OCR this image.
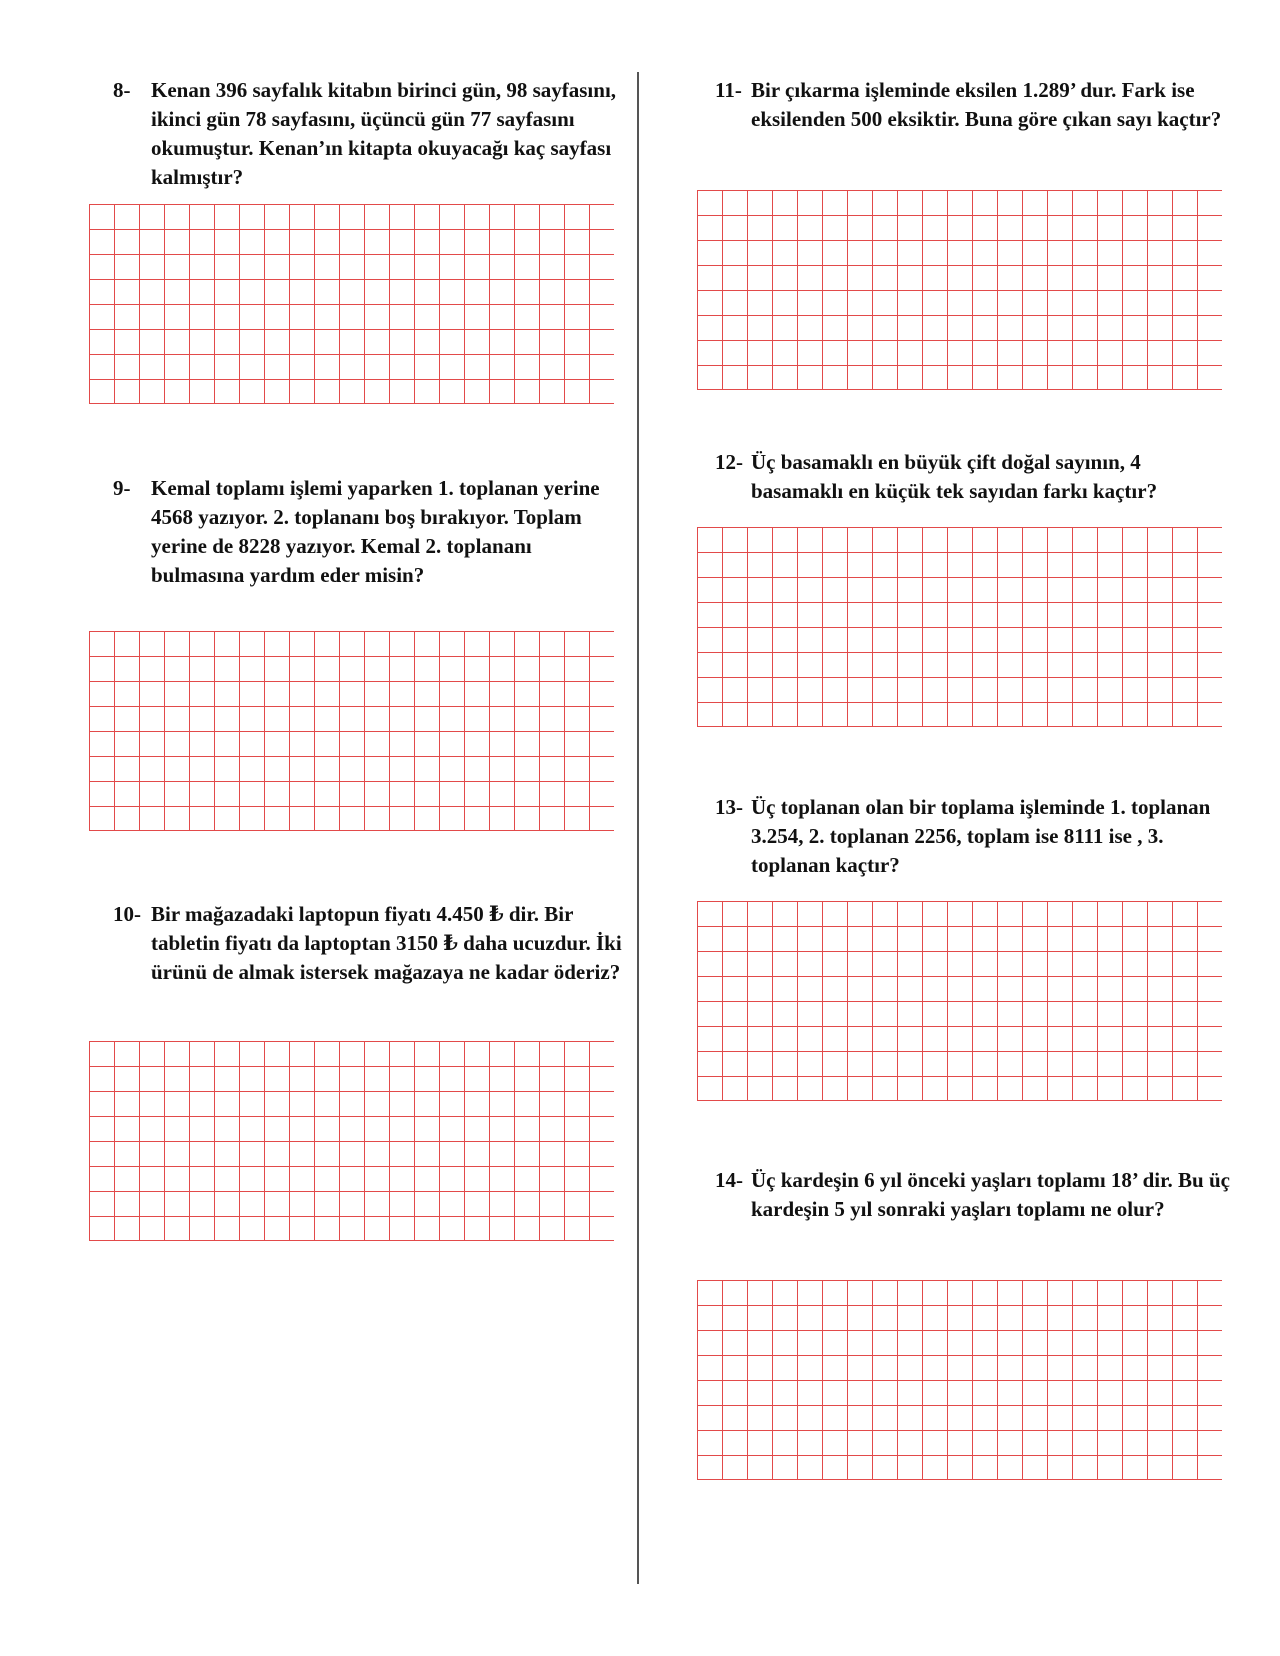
8- Kenan 396 sayfalık kitabın birinci gün, 98 sayfasını, ikinci gün 78 sayfasını, üçüncü gün 77 sayfasını okumuştur. Kenan’ın kitapta okuyacağı kaç sayfası kalmıştır?
9- Kemal toplamı işlemi yaparken 1. toplanan yerine 4568 yazıyor. 2. toplananı boş bırakıyor. Toplam yerine de 8228 yazıyor. Kemal 2. toplananı bulmasına yardım eder misin?
10- Bir mağazadaki laptopun fiyatı 4.450 ₺ dir. Bir tabletin fiyatı da laptoptan 3150 ₺ daha ucuzdur. İki ürünü de almak istersek mağazaya ne kadar öderiz?
11- Bir çıkarma işleminde eksilen 1.289’ dur. Fark ise eksilenden 500 eksiktir. Buna göre çıkan sayı kaçtır?
12- Üç basamaklı en büyük çift doğal sayının, 4 basamaklı en küçük tek sayıdan farkı kaçtır?
13- Üç toplanan olan bir toplama işleminde 1. toplanan 3.254, 2. toplanan 2256, toplam ise 8111 ise , 3. toplanan kaçtır?
14- Üç kardeşin 6 yıl önceki yaşları toplamı 18’ dir. Bu üç kardeşin 5 yıl sonraki yaşları toplamı ne olur?
